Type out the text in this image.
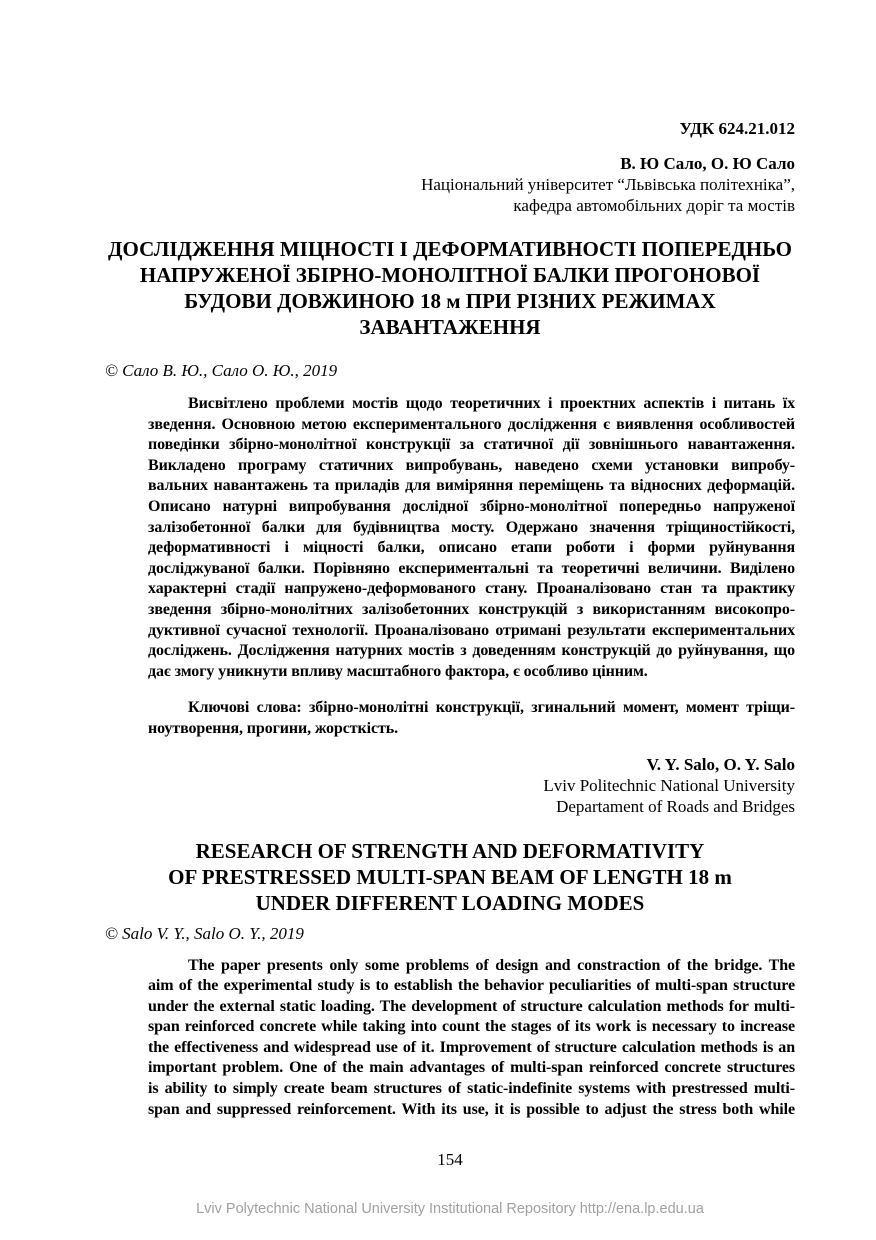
УДК 624.21.012
В. Ю Сало, О. Ю Сало
Національний університет “Львівська політехніка”,
кафедра автомобільних доріг та мостів
ДОСЛІДЖЕННЯ МІЦНОСТІ І ДЕФОРМАТИВНОСТІ ПОПЕРЕДНЬО
НАПРУЖЕНОЇ ЗБІРНО-МОНОЛІТНОЇ БАЛКИ ПРОГОНОВОЇ
БУДОВИ ДОВЖИНОЮ 18 м ПРИ РІЗНИХ РЕЖИМАХ
ЗАВАНТАЖЕННЯ
© Сало В. Ю., Сало О. Ю., 2019
Висвітлено проблеми мостів щодо теоретичних і проектних аспектів і питань їх
зведення. Основною метою експериментального дослідження є виявлення особливостей
поведінки збірно-монолітної конструкції за статичної дії зовнішнього навантаження.
Викладено програму статичних випробувань, наведено схеми установки випробу-
вальних навантажень та приладів для виміряння переміщень та відносних деформацій.
Описано натурні випробування дослідної збірно-монолітної попередньо напруженої
залізобетонної балки для будівництва мосту. Одержано значення тріщиностійкості,
деформативності і міцності балки, описано етапи роботи і форми руйнування
досліджуваної балки. Порівняно експериментальні та теоретичні величини. Виділено
характерні стадії напружено-деформованого стану. Проаналізовано стан та практику
зведення збірно-монолітних залізобетонних конструкцій з використанням високопро-
дуктивної сучасної технології. Проаналізовано отримані результати експериментальних
досліджень. Дослідження натурних мостів з доведенням конструкцій до руйнування, що
дає змогу уникнути впливу масштабного фактора, є особливо цінним.
Ключові слова: збірно-монолітні конструкції, згинальний момент, момент тріщи-
ноутворення, прогини, жорсткість.
V. Y. Salo, O. Y. Salo
Lviv Politechnic National University
Departament of Roads and Bridges
RESEARCH OF STRENGTH AND DEFORMATIVITY
OF PRESTRESSED MULTI-SPAN BEAM OF LENGTH 18 m
UNDER DIFFERENT LOADING MODES
© Salo V. Y., Salo O. Y., 2019
The paper presents only some problems of design and constraction of the bridge. The
aim of the experimental study is to establish the behavior peculiarities of multi-span structure
under the external static loading. The development of structure calculation methods for multi-
span reinforced concrete while taking into count the stages of its work is necessary to increase
the effectiveness and widespread use of it. Improvement of structure calculation methods is an
important problem. One of the main advantages of multi-span reinforced concrete structures
is ability to simply create beam structures of static-indefinite systems with prestressed multi-
span and suppressed reinforcement. With its use, it is possible to adjust the stress both while
154
Lviv Polytechnic National University Institutional Repository http://ena.lp.edu.ua
